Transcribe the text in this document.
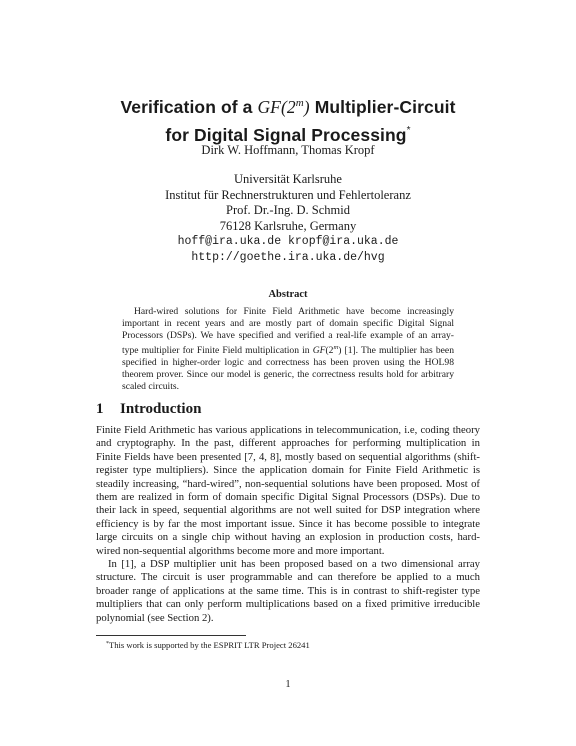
Verification of a GF(2$^m$) Multiplier-Circuit
for Digital Signal Processing*
Dirk W. Hoffmann, Thomas Kropf
Universität Karlsruhe
Institut für Rechnerstrukturen und Fehlertoleranz
Prof. Dr.-Ing. D. Schmid
76128 Karlsruhe, Germany
hoff@ira.uka.de kropf@ira.uka.de
http://goethe.ira.uka.de/hvg
Abstract

Hard-wired solutions for Finite Field Arithmetic have become increasingly important in recent years and are mostly part of domain specific Digital Signal Processors (DSPs). We have specified and verified a real-life example of an array-type multiplier for Finite Field multiplication in GF(2$^m$) [1]. The multiplier has been specified in higher-order logic and correctness has been proven using the HOL98 theorem prover. Since our model is generic, the correctness results hold for arbitrary scaled circuits.

1 Introduction

Finite Field Arithmetic has various applications in telecommunication, i.e, coding theory and cryptography. In the past, different approaches for performing multiplication in Finite Fields have been presented [7, 4, 8], mostly based on sequential algorithms (shift-register type multipliers). Since the application domain for Finite Field Arithmetic is steadily increasing, “hard-wired”, non-sequential solutions have been proposed. Most of them are realized in form of domain specific Digital Signal Processors (DSPs). Due to their lack in speed, sequential algorithms are not well suited for DSP integration where efficiency is by far the most important issue. Since it has become possible to integrate large circuits on a single chip without having an explosion in production costs, hard-wired non-sequential algorithms become more and more important.

In [1], a DSP multiplier unit has been proposed based on a two dimensional array structure. The circuit is user programmable and can therefore be applied to a much broader range of applications at the same time. This is in contrast to shift-register type multipliers that can only perform multiplications based on a fixed primitive irreducible polynomial (see Section 2).

*This work is supported by the ESPRIT LTR Project 26241
1
